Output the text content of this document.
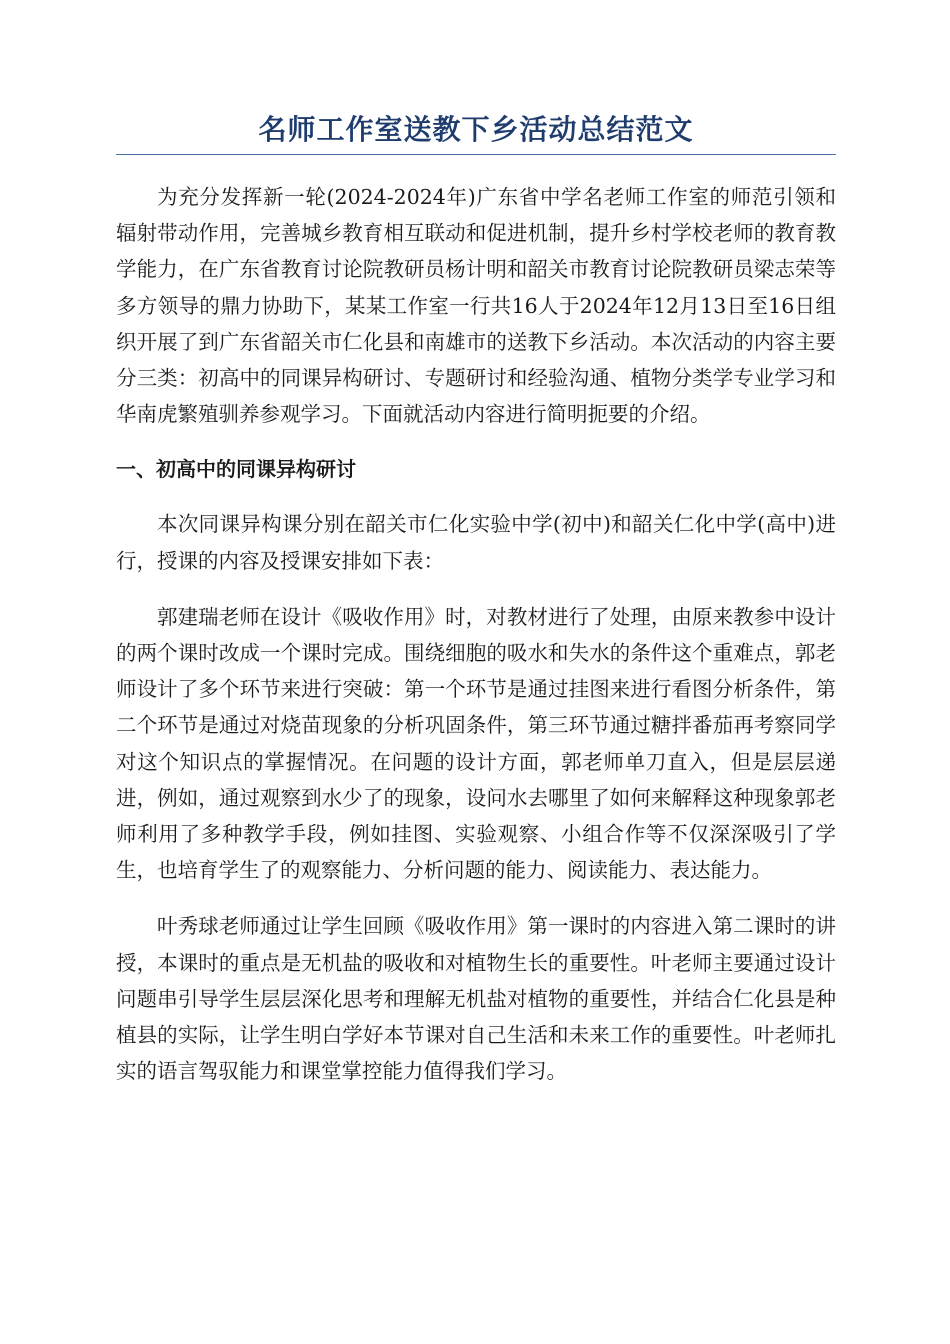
名师工作室送教下乡活动总结范文

为充分发挥新一轮(2024-2024年)广东省中学名老师工作室的师范引领和辐射带动作用，完善城乡教育相互联动和促进机制，提升乡村学校老师的教育教学能力，在广东省教育讨论院教研员杨计明和韶关市教育讨论院教研员梁志荣等多方领导的鼎力协助下，某某工作室一行共16人于2024年12月13日至16日组织开展了到广东省韶关市仁化县和南雄市的送教下乡活动。本次活动的内容主要分三类：初高中的同课异构研讨、专题研讨和经验沟通、植物分类学专业学习和华南虎繁殖驯养参观学习。下面就活动内容进行简明扼要的介绍。

一、初高中的同课异构研讨

本次同课异构课分别在韶关市仁化实验中学(初中)和韶关仁化中学(高中)进行，授课的内容及授课安排如下表：

郭建瑞老师在设计《吸收作用》时，对教材进行了处理，由原来教参中设计的两个课时改成一个课时完成。围绕细胞的吸水和失水的条件这个重难点，郭老师设计了多个环节来进行突破：第一个环节是通过挂图来进行看图分析条件，第二个环节是通过对烧苗现象的分析巩固条件，第三环节通过糖拌番茄再考察同学对这个知识点的掌握情况。在问题的设计方面，郭老师单刀直入，但是层层递进，例如，通过观察到水少了的现象，设问水去哪里了如何来解释这种现象郭老师利用了多种教学手段，例如挂图、实验观察、小组合作等不仅深深吸引了学生，也培育学生了的观察能力、分析问题的能力、阅读能力、表达能力。

叶秀球老师通过让学生回顾《吸收作用》第一课时的内容进入第二课时的讲授，本课时的重点是无机盐的吸收和对植物生长的重要性。叶老师主要通过设计问题串引导学生层层深化思考和理解无机盐对植物的重要性，并结合仁化县是种植县的实际，让学生明白学好本节课对自己生活和未来工作的重要性。叶老师扎实的语言驾驭能力和课堂掌控能力值得我们学习。
